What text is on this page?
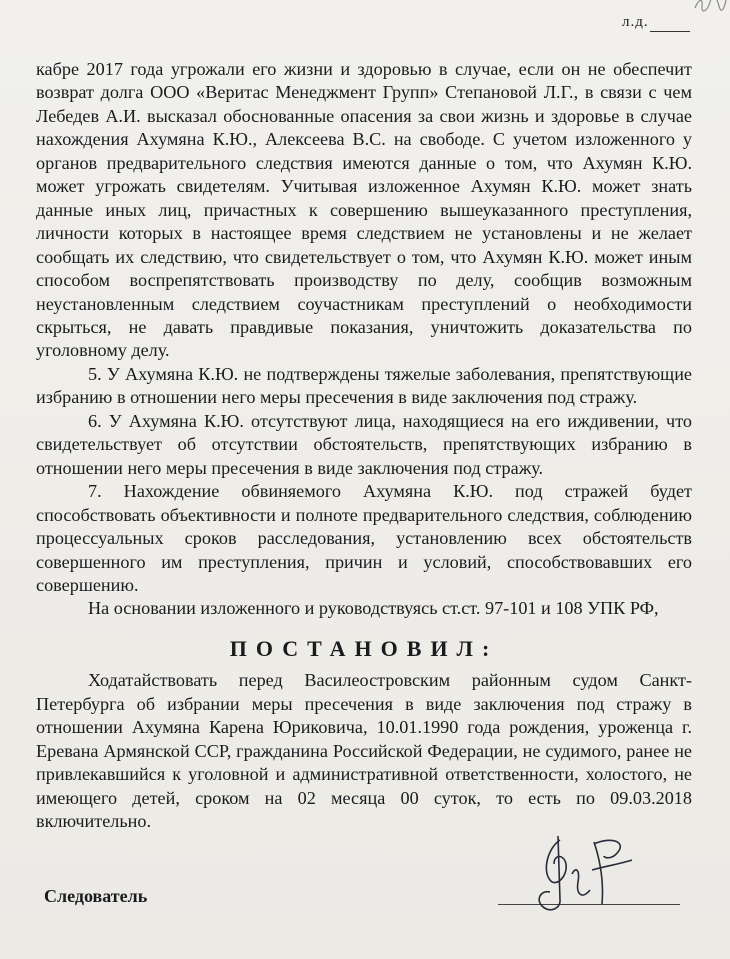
л.д.

кабре 2017 года угрожали его жизни и здоровью в случае, если он не обеспечит возврат долга ООО «Веритас Менеджмент Групп» Степановой Л.Г., в связи с чем Лебедев А.И. высказал обоснованные опасения за свои жизнь и здоровье в случае нахождения Ахумяна К.Ю., Алексеева В.С. на свободе. С учетом изложенного у органов предварительного следствия имеются данные о том, что Ахумян К.Ю. может угрожать свидетелям. Учитывая изложенное Ахумян К.Ю. может знать данные иных лиц, причастных к совершению вышеуказанного преступления, личности которых в настоящее время следствием не установлены и не желает сообщать их следствию, что свидетельствует о том, что Ахумян К.Ю. может иным способом воспрепятствовать производству по делу, сообщив возможным неустановленным следствием соучастникам преступлений о необходимости скрыться, не давать правдивые показания, уничтожить доказательства по уголовному делу.

5. У Ахумяна К.Ю. не подтверждены тяжелые заболевания, препятствующие избранию в отношении него меры пресечения в виде заключения под стражу.

6. У Ахумяна К.Ю. отсутствуют лица, находящиеся на его иждивении, что свидетельствует об отсутствии обстоятельств, препятствующих избранию в отношении него меры пресечения в виде заключения под стражу.

7. Нахождение обвиняемого Ахумяна К.Ю. под стражей будет способствовать объективности и полноте предварительного следствия, соблюдению процессуальных сроков расследования, установлению всех обстоятельств совершенного им преступления, причин и условий, способствовавших его совершению.

На основании изложенного и руководствуясь ст.ст. 97-101 и 108 УПК РФ,

ПОСТАНОВИЛ:

Ходатайствовать перед Василеостровским районным судом Санкт-Петербурга об избрании меры пресечения в виде заключения под стражу в отношении Ахумяна Карена Юриковича, 10.01.1990 года рождения, уроженца г. Еревана Армянской ССР, гражданина Российской Федерации, не судимого, ранее не привлекавшийся к уголовной и административной ответственности, холостого, не имеющего детей, сроком на 02 месяца 00 суток, то есть по 09.03.2018 включительно.

Следователь
